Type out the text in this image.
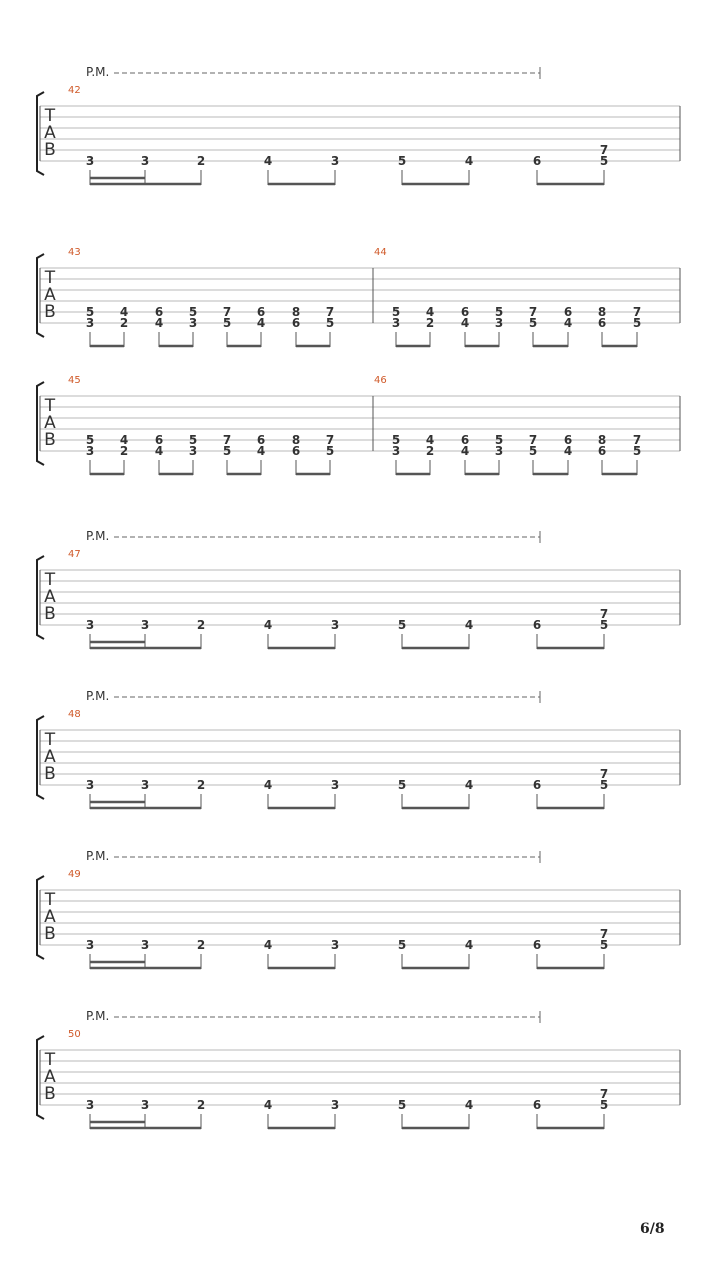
P.M.
T
A
B
42
3	3	2	4	3	5	4	6
7
5
T
A
B
43
5
3
4
2
6
4
5
3
7
5
6
4
8
6
7
5
44
5
3
4
2
6
4
5
3
7
5
6
4
8
6
7
5
T
A
B
45
5
3
4
2
6
4
5
3
7
5
6
4
8
6
7
5
46
5
3
4
2
6
4
5
3
7
5
6
4
8
6
7
5
P.M.
T
A
B
47
3	3	2	4	3	5	4	6
7
5
P.M.
T
A
B
48
3	3	2	4	3	5	4	6
7
5
P.M.
T
A
B
49
3	3	2	4	3	5	4	6
7
5
P.M.
T
A
B
50
3	3	2	4	3	5	4	6
7
5
6/8
